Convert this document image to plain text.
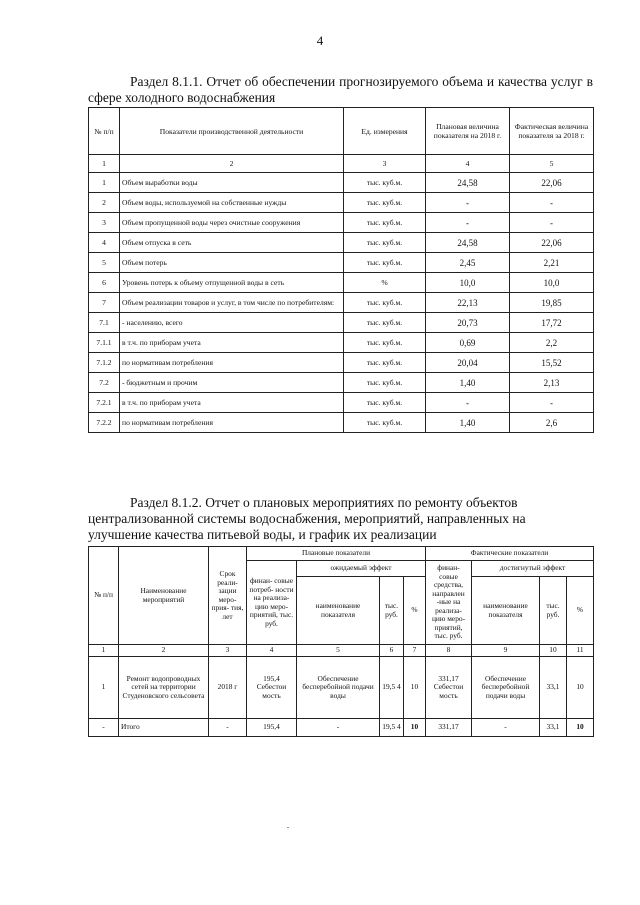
4
Раздел 8.1.1. Отчет об обеспечении прогнозируемого объема и качества услуг в сфере холодного водоснабжения
№ п/п	Показатели производственной деятельности	Ед. измерения	Плановая величина показателя на 2018 г.	Фактическая величина показателя за 2018 г.
1	2	3	4	5
1	Объем выработки воды	тыс. куб.м.	24,58	22,06
2	Объем воды, используемой на собственные нужды	тыс. куб.м.	-	-
3	Объем пропущенной воды через очистные сооружения	тыс. куб.м.	-	-
4	Объем отпуска в сеть	тыс. куб.м.	24,58	22,06
5	Объем потерь	тыс. куб.м.	2,45	2,21
6	Уровень потерь к объему отпущенной воды в сеть	%	10,0	10,0
7	Объем реализации товаров и услуг, в том числе по потребителям:	тыс. куб.м.	22,13	19,85
7.1	- населению, всего	тыс. куб.м.	20,73	17,72
7.1.1	в т.ч. по приборам учета	тыс. куб.м.	0,69	2,2
7.1.2	по нормативам потребления	тыс. куб.м.	20,04	15,52
7.2	- бюджетным и прочим	тыс. куб.м.	1,40	2,13
7.2.1	в т.ч. по приборам учета	тыс. куб.м.	-	-
7.2.2	по нормативам потребления	тыс. куб.м.	1,40	2,6
Раздел 8.1.2. Отчет о плановых мероприятиях по ремонту объектов
централизованной системы водоснабжения, мероприятий, направленных на
улучшение качества питьевой воды, и график их реализации
№ п/п	Наименование мероприятий	Срок реали- зации меро- прия- тия, лет	Плановые показатели				Фактические показатели			
			финан- совые потреб- ности на реализа- цию меро- приятий, тыс. руб.	ожидаемый эффект			финан- совые средства, направлен -ные на реализа- цию меро- приятий, тыс. руб.	достигнутый эффект		
				наименование показателя	тыс. руб.	%		наименование показателя	тыс. руб.	%
1	2	3	4	5	6	7	8	9	10	11
1	Ремонт водопроводных сетей на территории Студеновского сельсовета	2018 г	195,4 Себестои мость	Обеспечение бесперебойной подачи воды	19,5 4	10	331,17 Себестои мость	Обеспечение бесперебойной подачи воды	33,1	10
-	Итого	-	195,4	-	19,5 4	10	331,17	-	33,1	10
